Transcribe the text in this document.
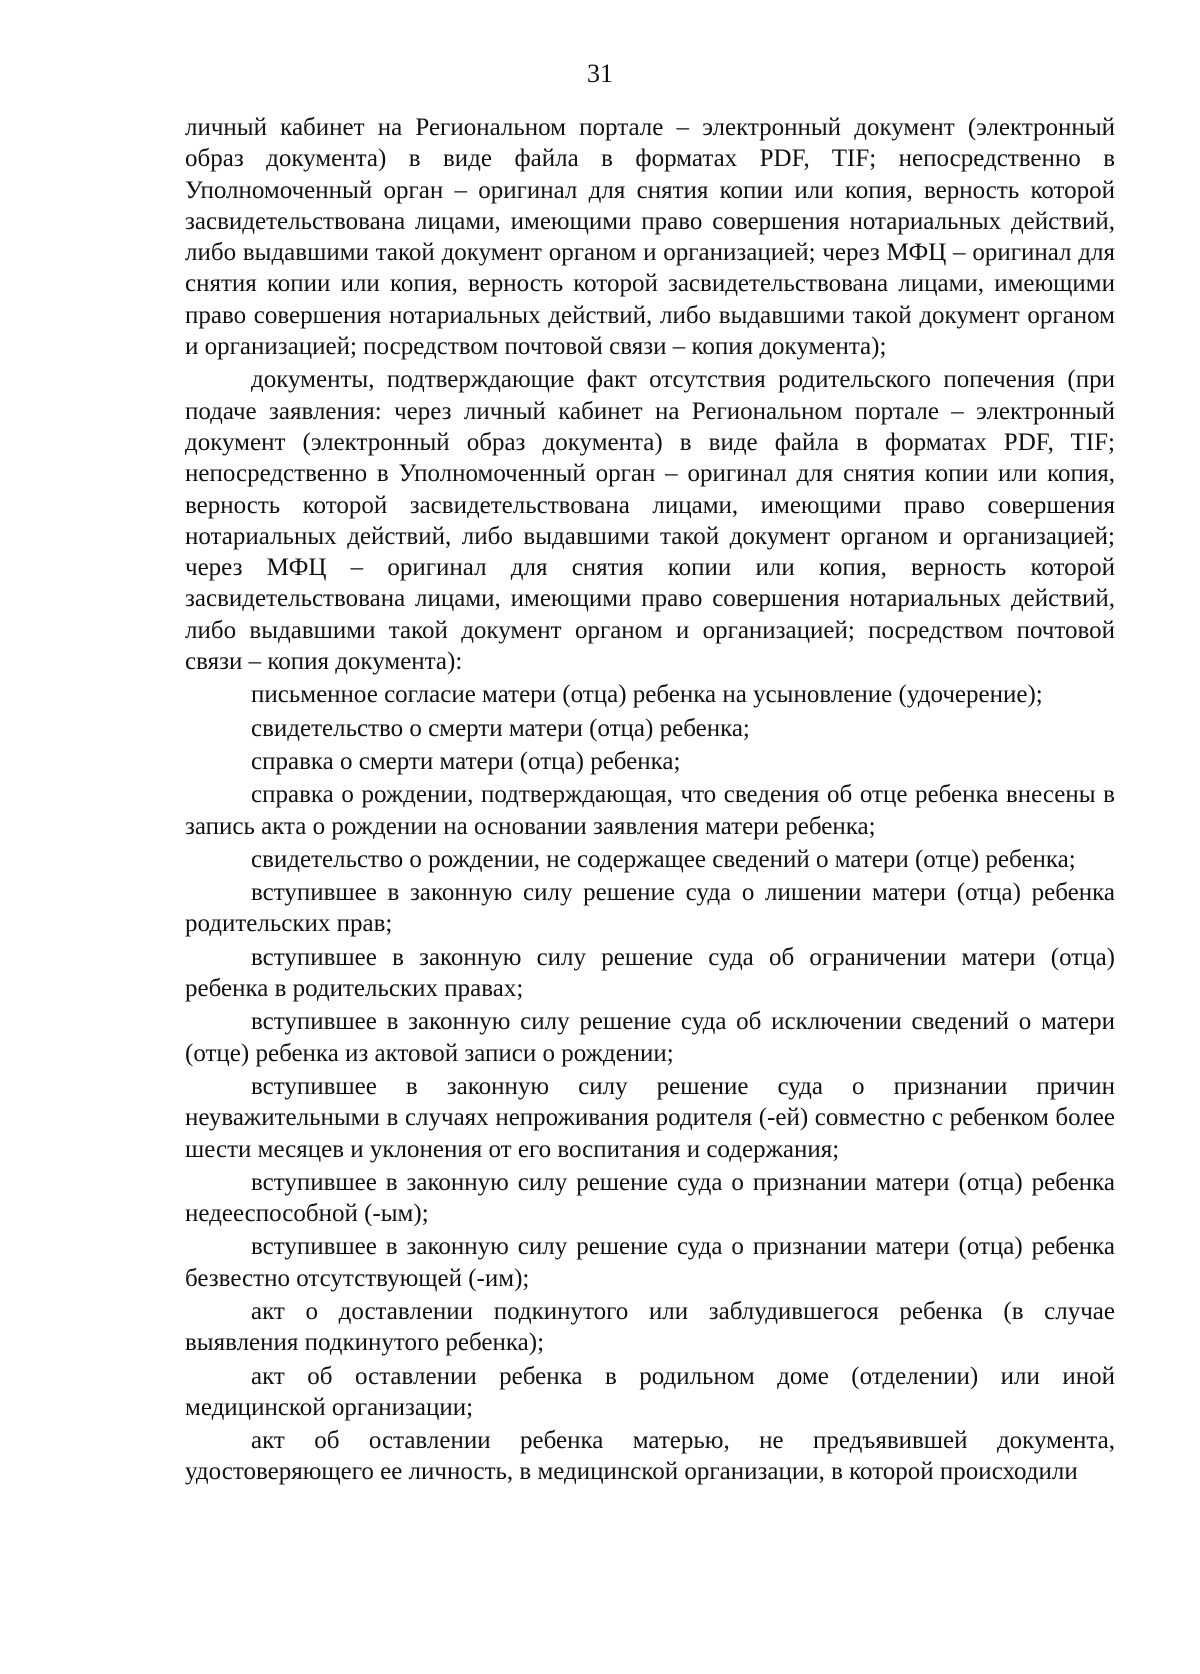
31

личный кабинет на Региональном портале – электронный документ (электронный образ документа) в виде файла в форматах PDF, TIF; непосредственно в Уполномоченный орган – оригинал для снятия копии или копия, верность которой засвидетельствована лицами, имеющими право совершения нотариальных действий, либо выдавшими такой документ органом и организацией; через МФЦ – оригинал для снятия копии или копия, верность которой засвидетельствована лицами, имеющими право совершения нотариальных действий, либо выдавшими такой документ органом и организацией; посредством почтовой связи – копия документа);

документы, подтверждающие факт отсутствия родительского попечения (при подаче заявления: через личный кабинет на Региональном портале – электронный документ (электронный образ документа) в виде файла в форматах PDF, TIF; непосредственно в Уполномоченный орган – оригинал для снятия копии или копия, верность которой засвидетельствована лицами, имеющими право совершения нотариальных действий, либо выдавшими такой документ органом и организацией; через МФЦ – оригинал для снятия копии или копия, верность которой засвидетельствована лицами, имеющими право совершения нотариальных действий, либо выдавшими такой документ органом и организацией; посредством почтовой связи – копия документа):

письменное согласие матери (отца) ребенка на усыновление (удочерение);

свидетельство о смерти матери (отца) ребенка;

справка о смерти матери (отца) ребенка;

справка о рождении, подтверждающая, что сведения об отце ребенка внесены в запись акта о рождении на основании заявления матери ребенка;

свидетельство о рождении, не содержащее сведений о матери (отце) ребенка;

вступившее в законную силу решение суда о лишении матери (отца) ребенка родительских прав;

вступившее в законную силу решение суда об ограничении матери (отца) ребенка в родительских правах;

вступившее в законную силу решение суда об исключении сведений о матери (отце) ребенка из актовой записи о рождении;

вступившее в законную силу решение суда о признании причин неуважительными в случаях непроживания родителя (-ей) совместно с ребенком более шести месяцев и уклонения от его воспитания и содержания;

вступившее в законную силу решение суда о признании матери (отца) ребенка недееспособной (-ым);

вступившее в законную силу решение суда о признании матери (отца) ребенка безвестно отсутствующей (-им);

акт о доставлении подкинутого или заблудившегося ребенка (в случае выявления подкинутого ребенка);

акт об оставлении ребенка в родильном доме (отделении) или иной медицинской организации;

акт об оставлении ребенка матерью, не предъявившей документа, удостоверяющего ее личность, в медицинской организации, в которой происходили
